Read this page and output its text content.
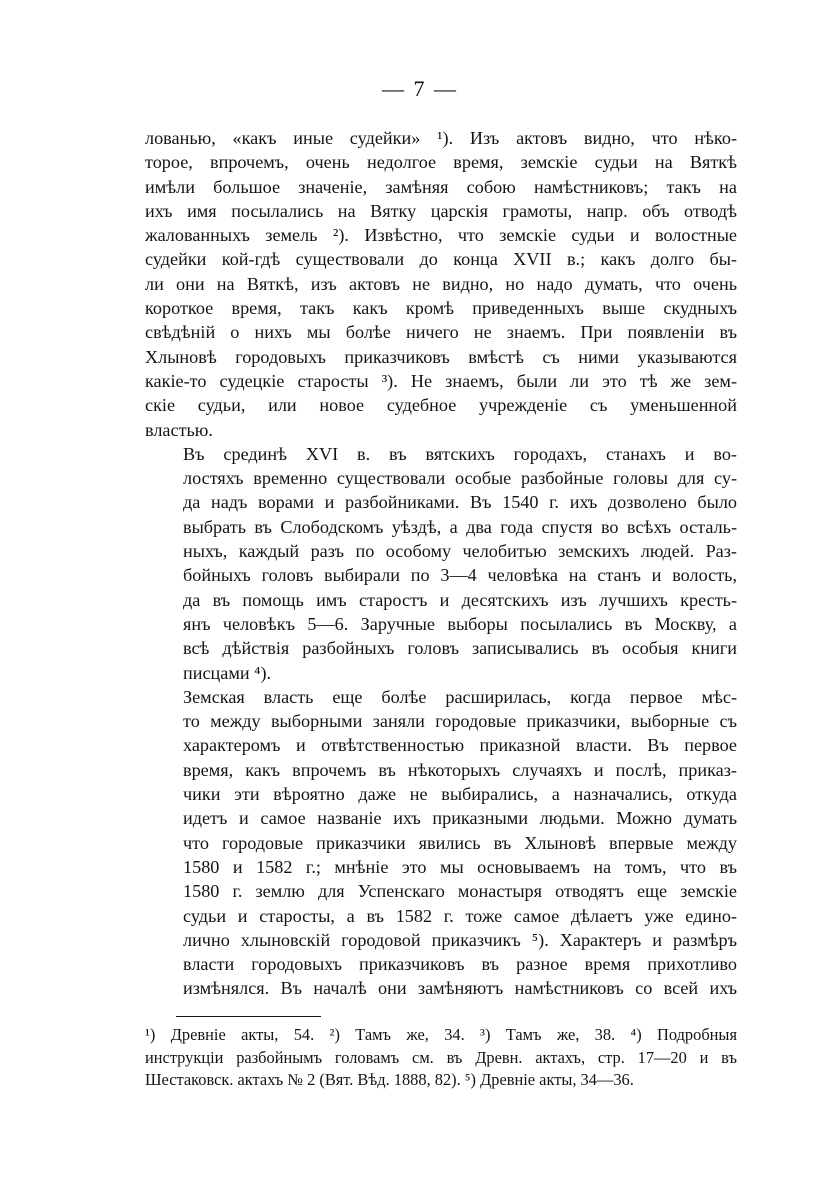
— 7 —

лованью, «какъ иные судейки» ¹). Изъ актовъ видно, что нѣко-
торое, впрочемъ, очень недолгое время, земскіе судьи на Вяткѣ
имѣли большое значеніе, замѣняя собою намѣстниковъ; такъ на
ихъ имя посылались на Вятку царскія грамоты, напр. объ отводѣ
жалованныхъ земель ²). Извѣстно, что земскіе судьи и волостные
судейки кой-гдѣ существовали до конца XVII в.; какъ долго бы-
ли они на Вяткѣ, изъ актовъ не видно, но надо думать, что очень
короткое время, такъ какъ кромѣ приведенныхъ выше скудныхъ
свѣдѣній о нихъ мы болѣе ничего не знаемъ. При появленіи въ
Хлыновѣ городовыхъ приказчиковъ вмѣстѣ съ ними указываются
какіе-то судецкіе старосты ³). Не знаемъ, были ли это тѣ же зем-
скіе судьи, или новое судебное учрежденіе съ уменьшенной
властью.

Въ срединѣ XVI в. въ вятскихъ городахъ, станахъ и во-
лостяхъ временно существовали особые разбойные головы для су-
да надъ ворами и разбойниками. Въ 1540 г. ихъ дозволено было
выбрать въ Слободскомъ уѣздѣ, а два года спустя во всѣхъ осталь-
ныхъ, каждый разъ по особому челобитью земскихъ людей. Раз-
бойныхъ головъ выбирали по 3—4 человѣка на станъ и волость,
да въ помощь имъ старостъ и десятскихъ изъ лучшихъ кресть-
янъ человѣкъ 5—6. Заручные выборы посылались въ Москву, а
всѣ дѣйствія разбойныхъ головъ записывались въ особыя книги
писцами ⁴).

Земская власть еще болѣе расширилась, когда первое мѣс-
то между выборными заняли городовые приказчики, выборные съ
характеромъ и отвѣтственностью приказной власти. Въ первое
время, какъ впрочемъ въ нѣкоторыхъ случаяхъ и послѣ, приказ-
чики эти вѣроятно даже не выбирались, а назначались, откуда
идетъ и самое названіе ихъ приказными людьми. Можно думать
что городовые приказчики явились въ Хлыновѣ впервые между
1580 и 1582 г.; мнѣніе это мы основываемъ на томъ, что въ
1580 г. землю для Успенскаго монастыря отводятъ еще земскіе
судьи и старосты, а въ 1582 г. тоже самое дѣлаетъ уже едино-
лично хлыновскій городовой приказчикъ ⁵). Характеръ и размѣръ
власти городовыхъ приказчиковъ въ разное время прихотливо
измѣнялся. Въ началѣ они замѣняютъ намѣстниковъ со всей ихъ

¹) Древніе акты, 54. ²) Тамъ же, 34. ³) Тамъ же, 38. ⁴) Подробныя
инструкціи разбойнымъ головамъ см. въ Древн. актахъ, стр. 17—20 и въ
Шестаковск. актахъ № 2 (Вят. Вѣд. 1888, 82). ⁵) Древніе акты, 34—36.
